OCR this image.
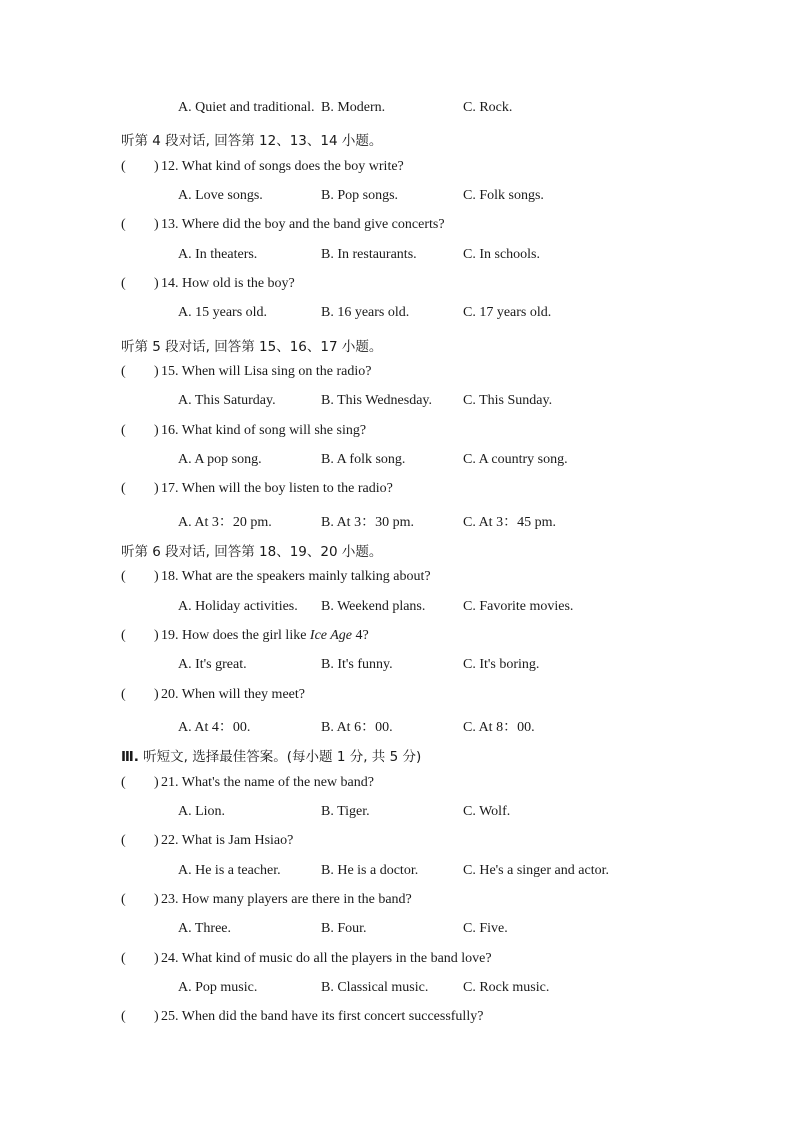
A. Quiet and traditional. B. Modern.	C. Rock.
听第 4 段对话, 回答第 12、13、14 小题。
( ) 12. What kind of songs does the boy write?
A. Love songs.	B. Pop songs.	C. Folk songs.
( ) 13. Where did the boy and the band give concerts?
A. In theaters.	B. In restaurants.	C. In schools.
( ) 14. How old is the boy?
A. 15 years old.	B. 16 years old.	C. 17 years old.
听第 5 段对话, 回答第 15、16、17 小题。
( ) 15. When will Lisa sing on the radio?
A. This Saturday.	B. This Wednesday. C. This Sunday.
( ) 16. What kind of song will she sing?
A. A pop song.	B. A folk song.	C. A country song.
( ) 17. When will the boy listen to the radio?
A. At 3：20 pm.	B. At 3：30 pm.	C. At 3：45 pm.
听第 6 段对话, 回答第 18、19、20 小题。
( ) 18. What are the speakers mainly talking about?
A. Holiday activities. B. Weekend plans.	C. Favorite movies.
( ) 19. How does the girl like Ice Age 4?
A. It's great.	B. It's funny.	C. It's boring.
( ) 20. When will they meet?
A. At 4：00.	B. At 6：00.	C. At 8：00.
Ⅲ. 听短文, 选择最佳答案。(每小题 1 分, 共 5 分)
( ) 21. What's the name of the new band?
A. Lion.	B. Tiger.	C. Wolf.
( ) 22. What is Jam Hsiao?
A. He is a teacher.	B. He is a doctor.	C. He's a singer and actor.
( ) 23. How many players are there in the band?
A. Three.	B. Four.	C. Five.
( ) 24. What kind of music do all the players in the band love?
A. Pop music.	B. Classical music. C. Rock music.
( ) 25. When did the band have its first concert successfully?
